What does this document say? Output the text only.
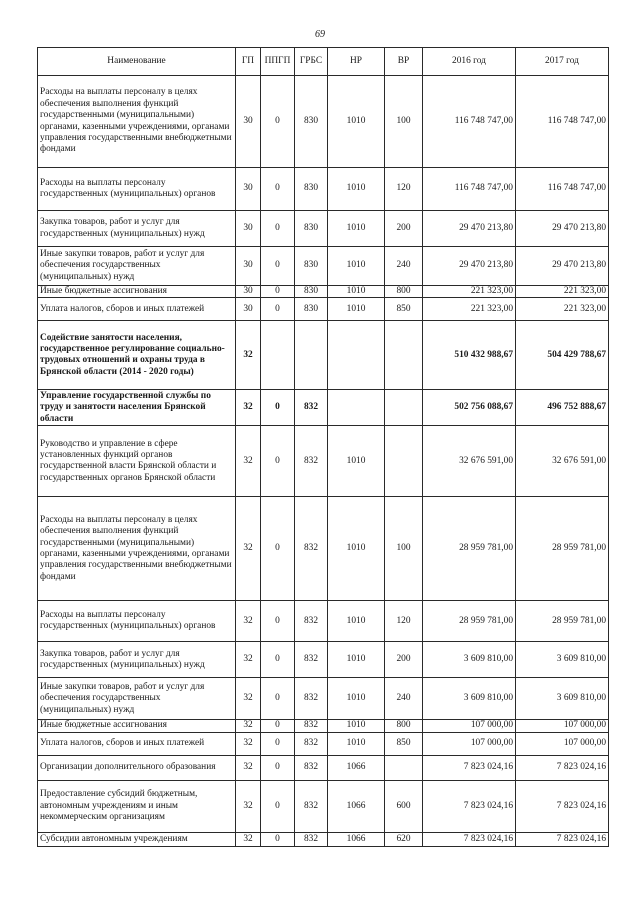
69
Наименование	ГП	ППГП	ГРБС	НР	ВР	2016 год	2017 год
Расходы на выплаты персоналу в целях обеспечения выполнения функций государственными (муниципальными) органами, казенными учреждениями, органами управления государственными внебюджетными фондами	30	0	830	1010	100	116 748 747,00	116 748 747,00
Расходы на выплаты персоналу государственных (муниципальных) органов	30	0	830	1010	120	116 748 747,00	116 748 747,00
Закупка товаров, работ и услуг для государственных (муниципальных) нужд	30	0	830	1010	200	29 470 213,80	29 470 213,80
Иные закупки товаров, работ и услуг для обеспечения государственных (муниципальных) нужд	30	0	830	1010	240	29 470 213,80	29 470 213,80
Иные бюджетные ассигнования	30	0	830	1010	800	221 323,00	221 323,00
Уплата налогов, сборов и иных платежей	30	0	830	1010	850	221 323,00	221 323,00
Содействие занятости населения, государственное регулирование социально-трудовых отношений и охраны труда в Брянской области (2014 - 2020 годы)	32					510 432 988,67	504 429 788,67
Управление государственной службы по труду и занятости населения Брянской области	32	0	832			502 756 088,67	496 752 888,67
Руководство и управление в сфере установленных функций органов государственной власти Брянской области и государственных органов Брянской области	32	0	832	1010		32 676 591,00	32 676 591,00
Расходы на выплаты персоналу в целях обеспечения выполнения функций государственными (муниципальными) органами, казенными учреждениями, органами управления государственными внебюджетными фондами	32	0	832	1010	100	28 959 781,00	28 959 781,00
Расходы на выплаты персоналу государственных (муниципальных) органов	32	0	832	1010	120	28 959 781,00	28 959 781,00
Закупка товаров, работ и услуг для государственных (муниципальных) нужд	32	0	832	1010	200	3 609 810,00	3 609 810,00
Иные закупки товаров, работ и услуг для обеспечения государственных (муниципальных) нужд	32	0	832	1010	240	3 609 810,00	3 609 810,00
Иные бюджетные ассигнования	32	0	832	1010	800	107 000,00	107 000,00
Уплата налогов, сборов и иных платежей	32	0	832	1010	850	107 000,00	107 000,00
Организации дополнительного образования	32	0	832	1066		7 823 024,16	7 823 024,16
Предоставление субсидий бюджетным, автономным учреждениям и иным некоммерческим организациям	32	0	832	1066	600	7 823 024,16	7 823 024,16
Субсидии автономным учреждениям	32	0	832	1066	620	7 823 024,16	7 823 024,16
